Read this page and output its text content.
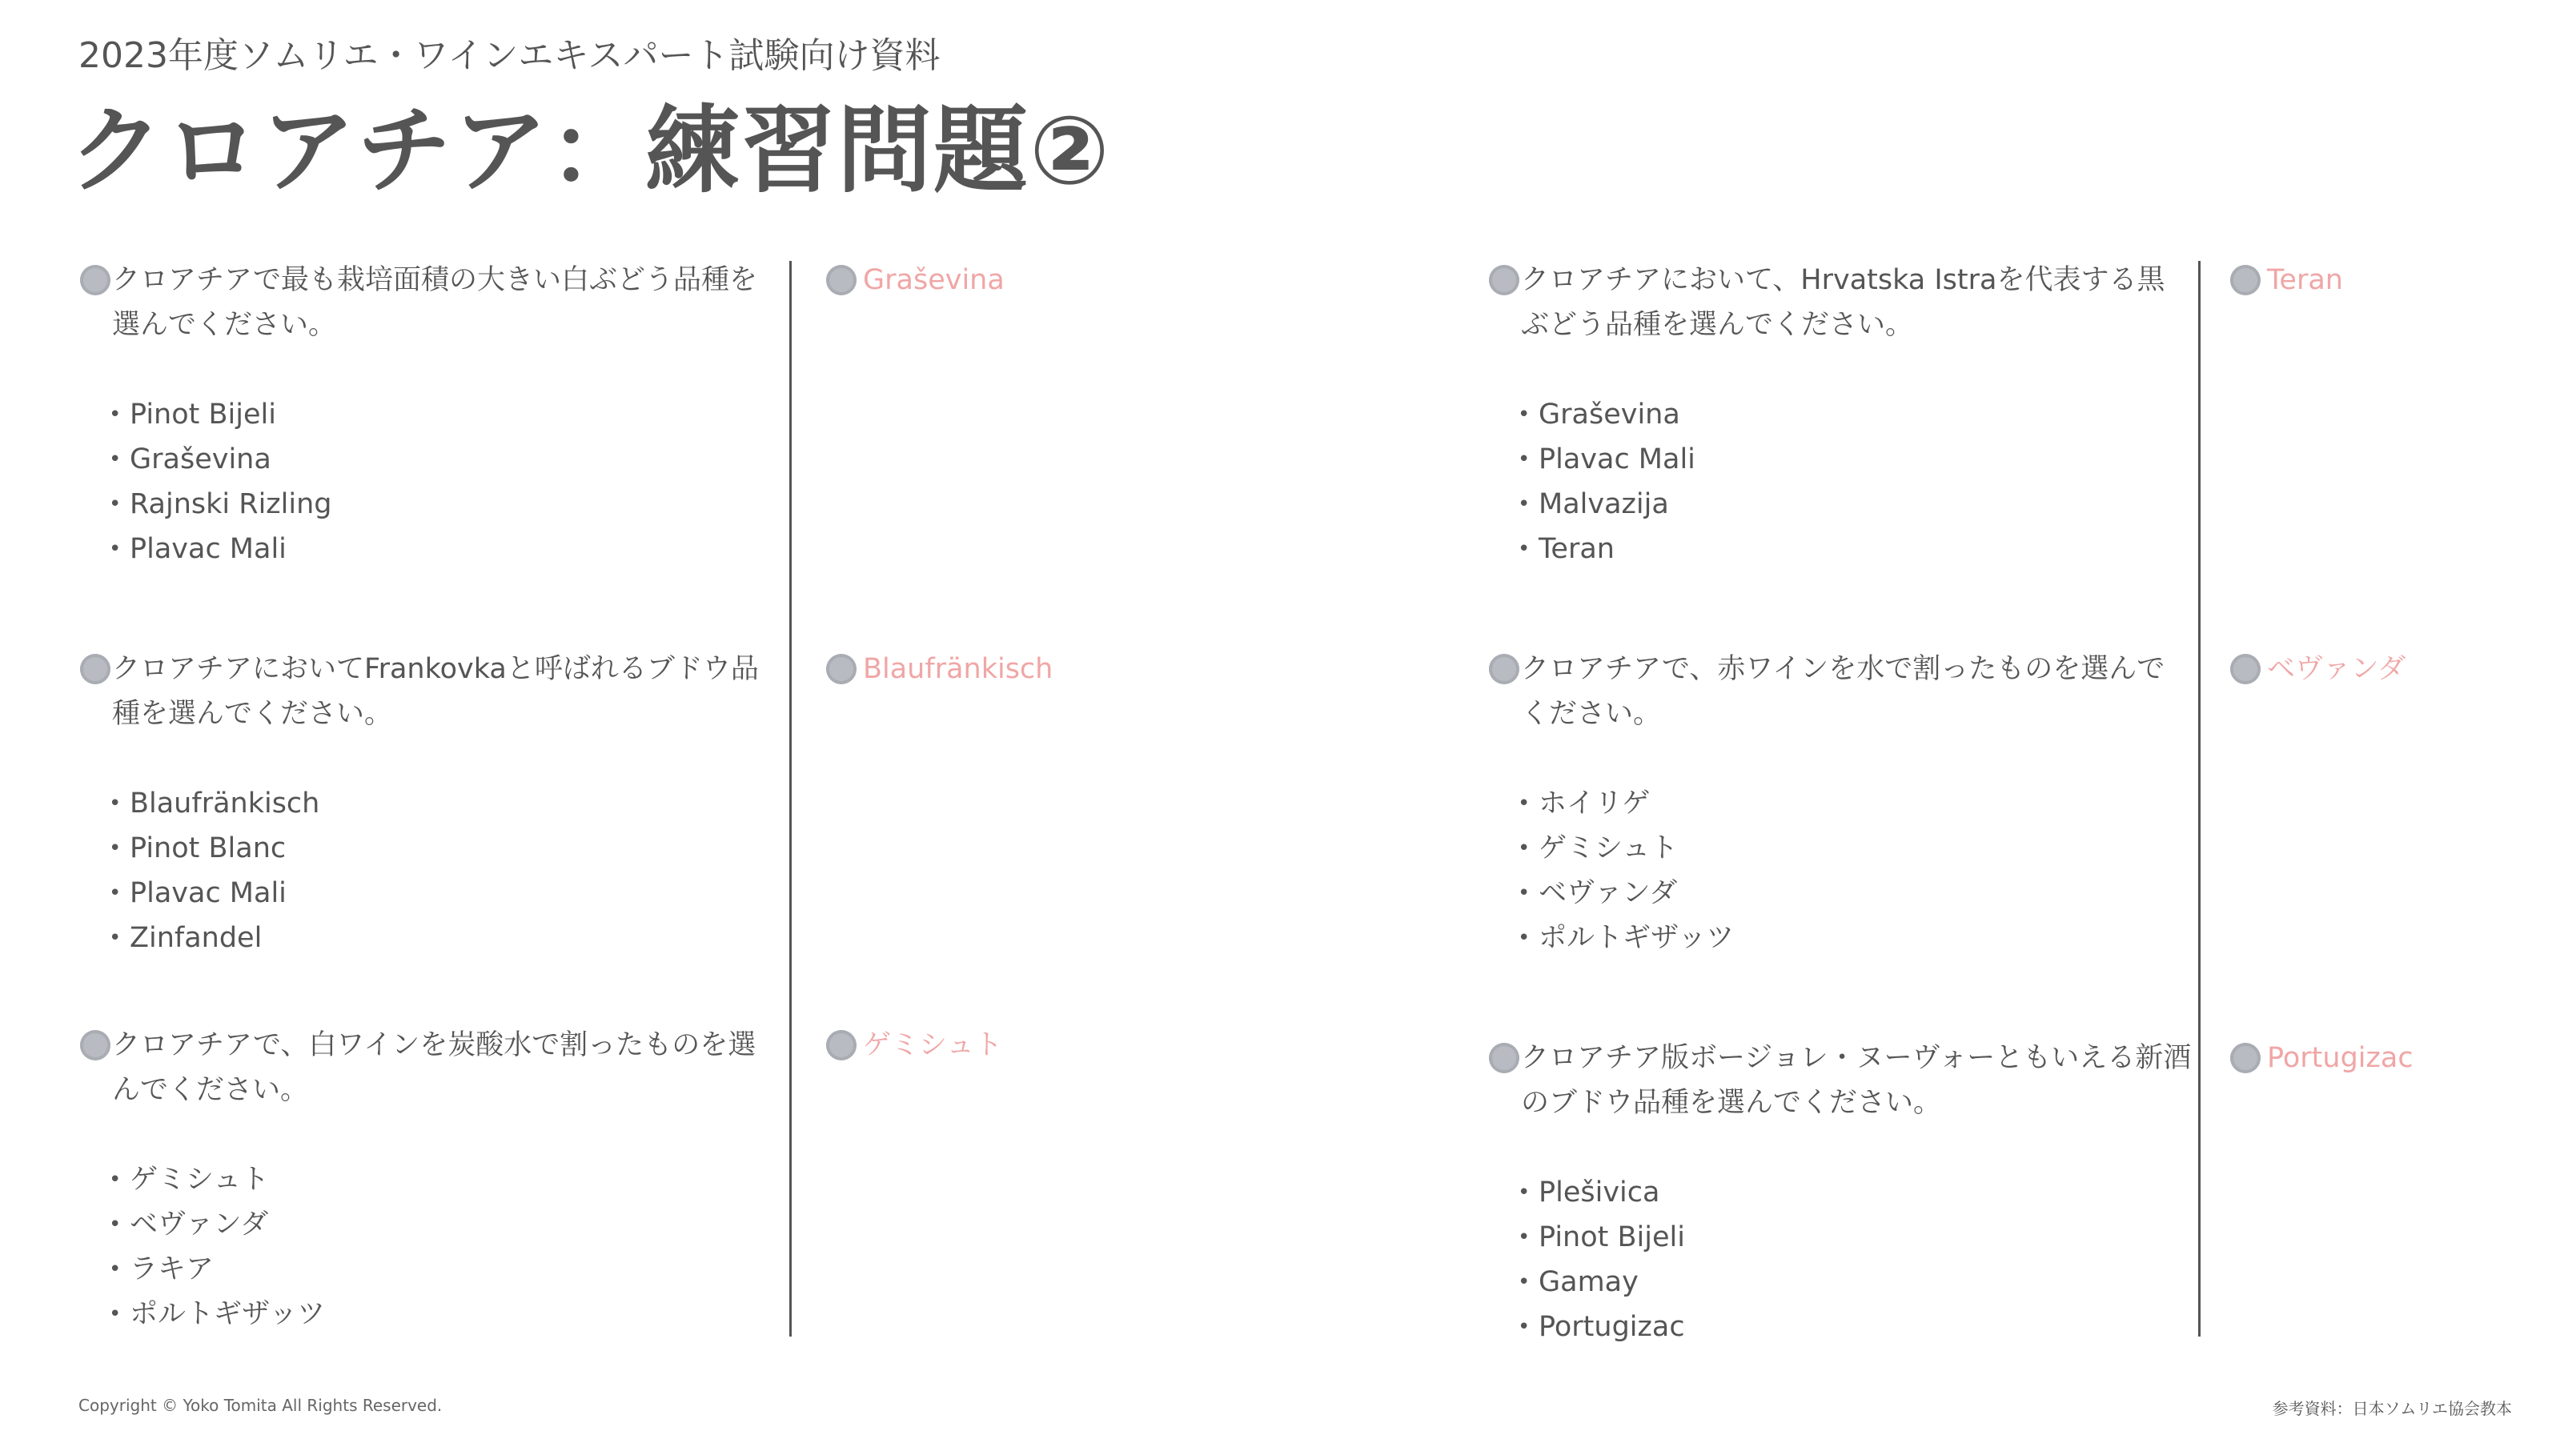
2023年度ソムリエ・ワインエキスパート試験向け資料
クロアチア：練習問題②
クロアチアで最も栽培面積の大きい白ぶどう品種を選んでください。
• Pinot Bijeli
• Graševina
• Rajnski Rizling
• Plavac Mali
Graševina
クロアチアにおいてFrankovkaと呼ばれるブドウ品種を選んでください。
• Blaufränkisch
• Pinot Blanc
• Plavac Mali
• Zinfandel
Blaufränkisch
クロアチアで、白ワインを炭酸水で割ったものを選んでください。
• ゲミシュト
• ベヴァンダ
• ラキア
• ポルトギザッツ
ゲミシュト
クロアチアにおいて、Hrvatska Istraを代表する黒ぶどう品種を選んでください。
• Graševina
• Plavac Mali
• Malvazija
• Teran
Teran
クロアチアで、赤ワインを水で割ったものを選んでください。
• ホイリゲ
• ゲミシュト
• ベヴァンダ
• ポルトギザッツ
ベヴァンダ
クロアチア版ボージョレ・ヌーヴォーともいえる新酒のブドウ品種を選んでください。
• Plešivica
• Pinot Bijeli
• Gamay
• Portugizac
Portugizac
Copyright © Yoko Tomita All Rights Reserved.	参考資料：日本ソムリエ協会教本
